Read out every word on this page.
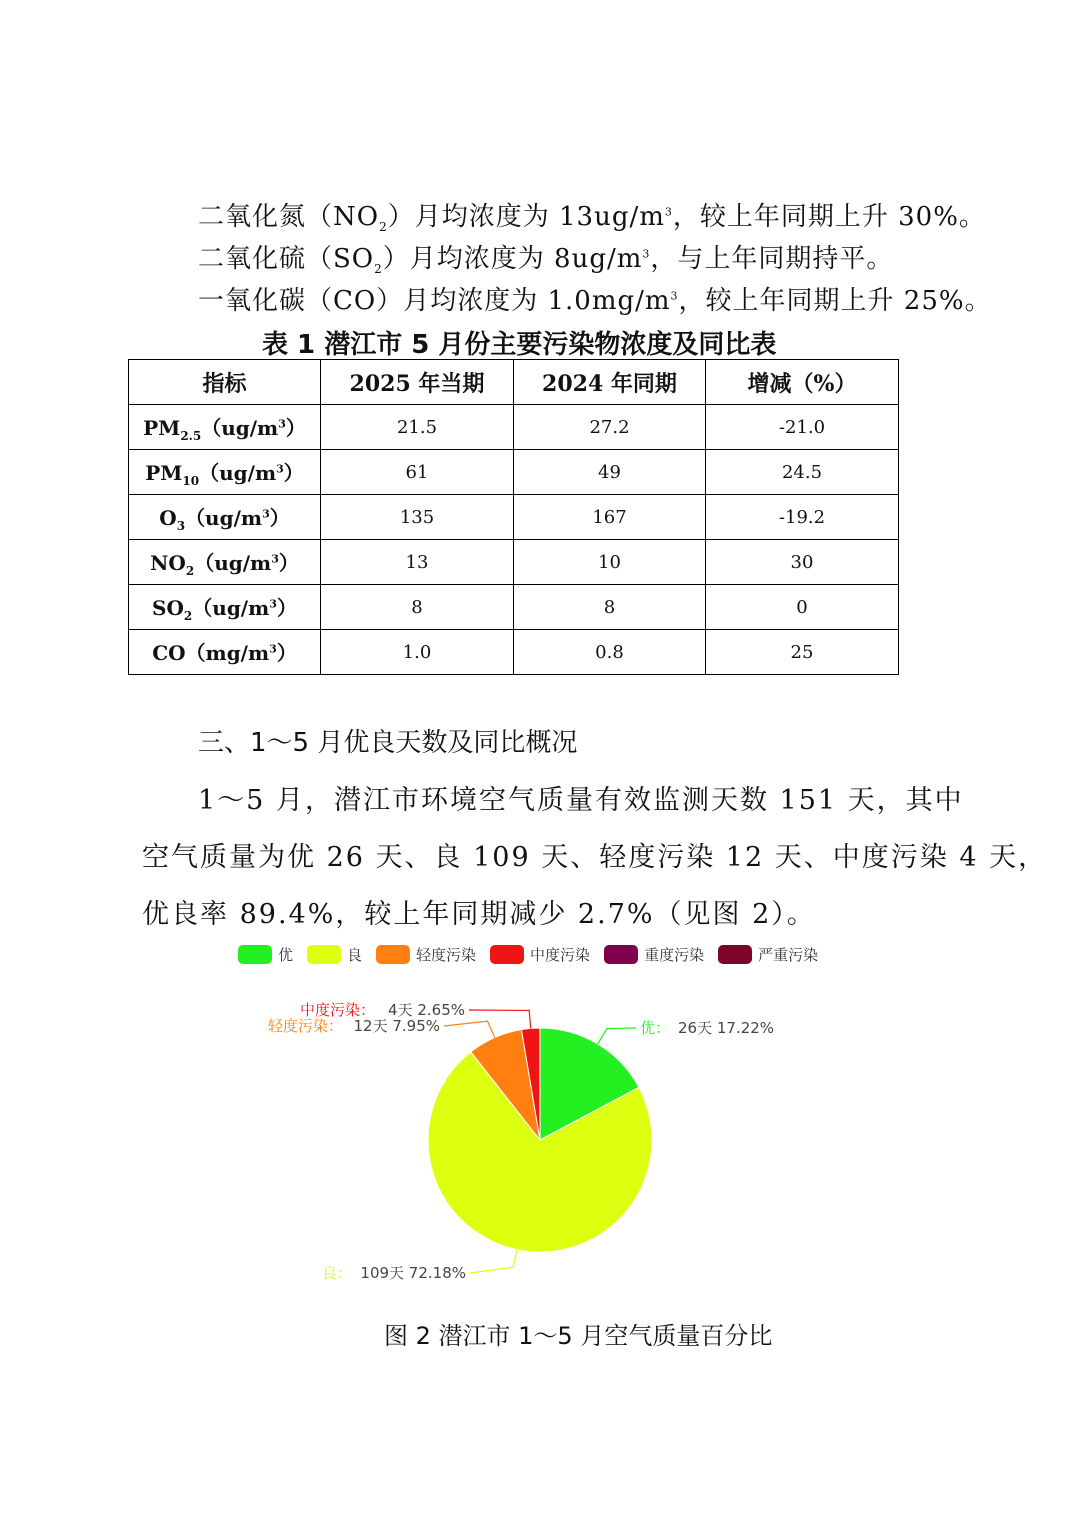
二氧化氮$(NO_2)$月均浓度为 $13ug/m^3$，较上年同期上升 30%。
二氧化硫$(SO_2)$月均浓度为 $8ug/m^3$，与上年同期持平。
一氧化碳（CO）月均浓度为 $1.0mg/m^3$，较上年同期上升 25%。
表 1 潜江市 5 月份主要污染物浓度及同比表
指标	2025 年当期	2024 年同期	增减（%）
$PM_{2.5}(ug/m^3)$	21.5	27.2	-21.0
$PM_{10}(ug/m^3)$	61	49	24.5
$O_3(ug/m^3)$	135	167	-19.2
$NO_2(ug/m^3)$	13	10	30
$SO_2(ug/m^3)$	8	8	0
$CO(mg/m^3)$	1.0	0.8	25
三、1～5 月优良天数及同比概况
1～5 月，潜江市环境空气质量有效监测天数 151 天，其中
空气质量为优 26 天、良 109 天、轻度污染 12 天、中度污染 4 天，
优良率 89.4%，较上年同期减少 2.7%（见图 2）。
优	良	轻度污染	中度污染	重度污染	严重污染
优： 26天 17.22%
109天 72.18%
良：
12天 7.95%
轻度污染：
4天 2.65%
中度污染：
图 2 潜江市 1～5 月空气质量百分比
